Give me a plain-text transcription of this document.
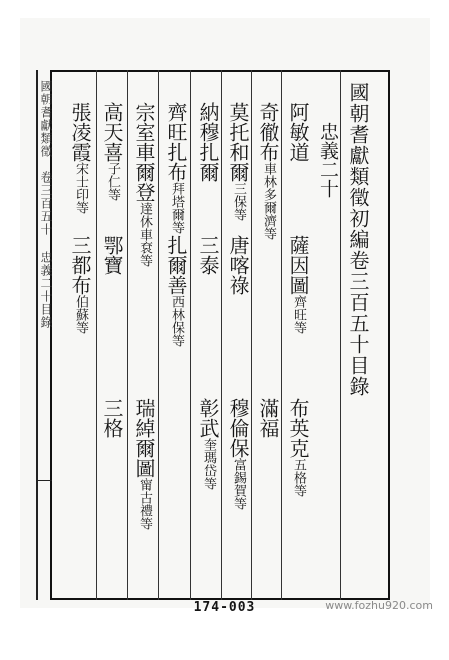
國朝耆獻類徵初編卷三百五十目錄
忠義二十
阿敏道
薩因圖齊旺等
布英克五格等
奇徹布車林多爾濟等
滿福
莫托和爾三保等
唐喀祿
穆倫保富錫賀等
納穆扎爾
三泰
彰武奎瑪岱等
齊旺扎布拜塔爾等
扎爾善西林保等
宗室車爾登達休車袞等
瑞綽爾圖甯古禮等
高天喜子仁等
鄂寶
三格
張凌霞宋士印等
三都布伯蘇等
國朝耆獻類徵　卷三百五十 忠義二十目錄
174-003	www.fozhu920.com
